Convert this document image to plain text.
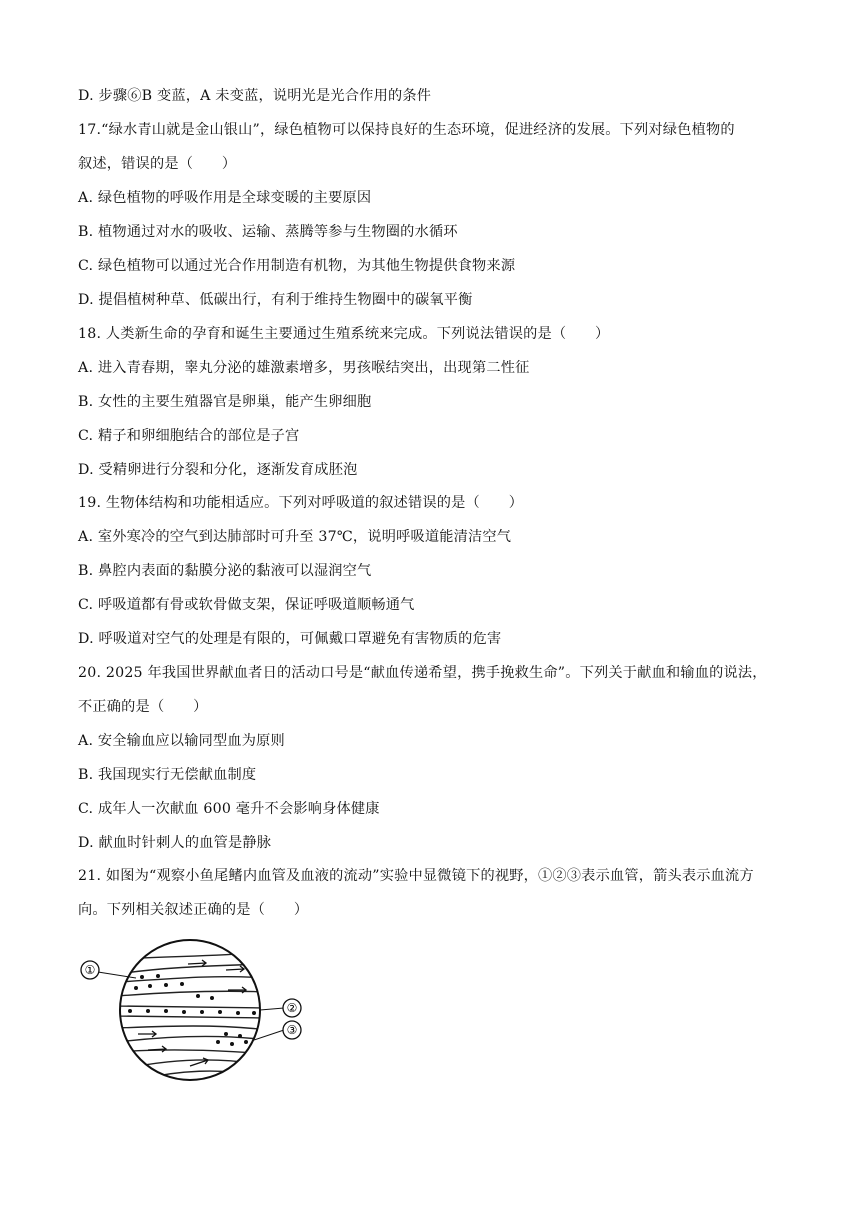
D. 步骤⑥B 变蓝，A 未变蓝，说明光是光合作用的条件
17.“绿水青山就是金山银山”，绿色植物可以保持良好的生态环境，促进经济的发展。下列对绿色植物的
叙述，错误的是（　　）
A. 绿色植物的呼吸作用是全球变暖的主要原因
B. 植物通过对水的吸收、运输、蒸腾等参与生物圈的水循环
C. 绿色植物可以通过光合作用制造有机物，为其他生物提供食物来源
D. 提倡植树种草、低碳出行，有利于维持生物圈中的碳氧平衡
18. 人类新生命的孕育和诞生主要通过生殖系统来完成。下列说法错误的是（　　）
A. 进入青春期，睾丸分泌的雄激素增多，男孩喉结突出，出现第二性征
B. 女性的主要生殖器官是卵巢，能产生卵细胞
C. 精子和卵细胞结合的部位是子宫
D. 受精卵进行分裂和分化，逐渐发育成胚泡
19. 生物体结构和功能相适应。下列对呼吸道的叙述错误的是（　　）
A. 室外寒冷的空气到达肺部时可升至 37℃，说明呼吸道能清洁空气
B. 鼻腔内表面的黏膜分泌的黏液可以湿润空气
C. 呼吸道都有骨或软骨做支架，保证呼吸道顺畅通气
D. 呼吸道对空气的处理是有限的，可佩戴口罩避免有害物质的危害
20. 2025 年我国世界献血者日的活动口号是“献血传递希望，携手挽救生命”。下列关于献血和输血的说法，
不正确的是（　　）
A. 安全输血应以输同型血为原则
B. 我国现实行无偿献血制度
C. 成年人一次献血 600 毫升不会影响身体健康
D. 献血时针刺人的血管是静脉
21. 如图为“观察小鱼尾鳍内血管及血液的流动”实验中显微镜下的视野，①②③表示血管，箭头表示血流方
向。下列相关叙述正确的是（　　）
①
②
③
